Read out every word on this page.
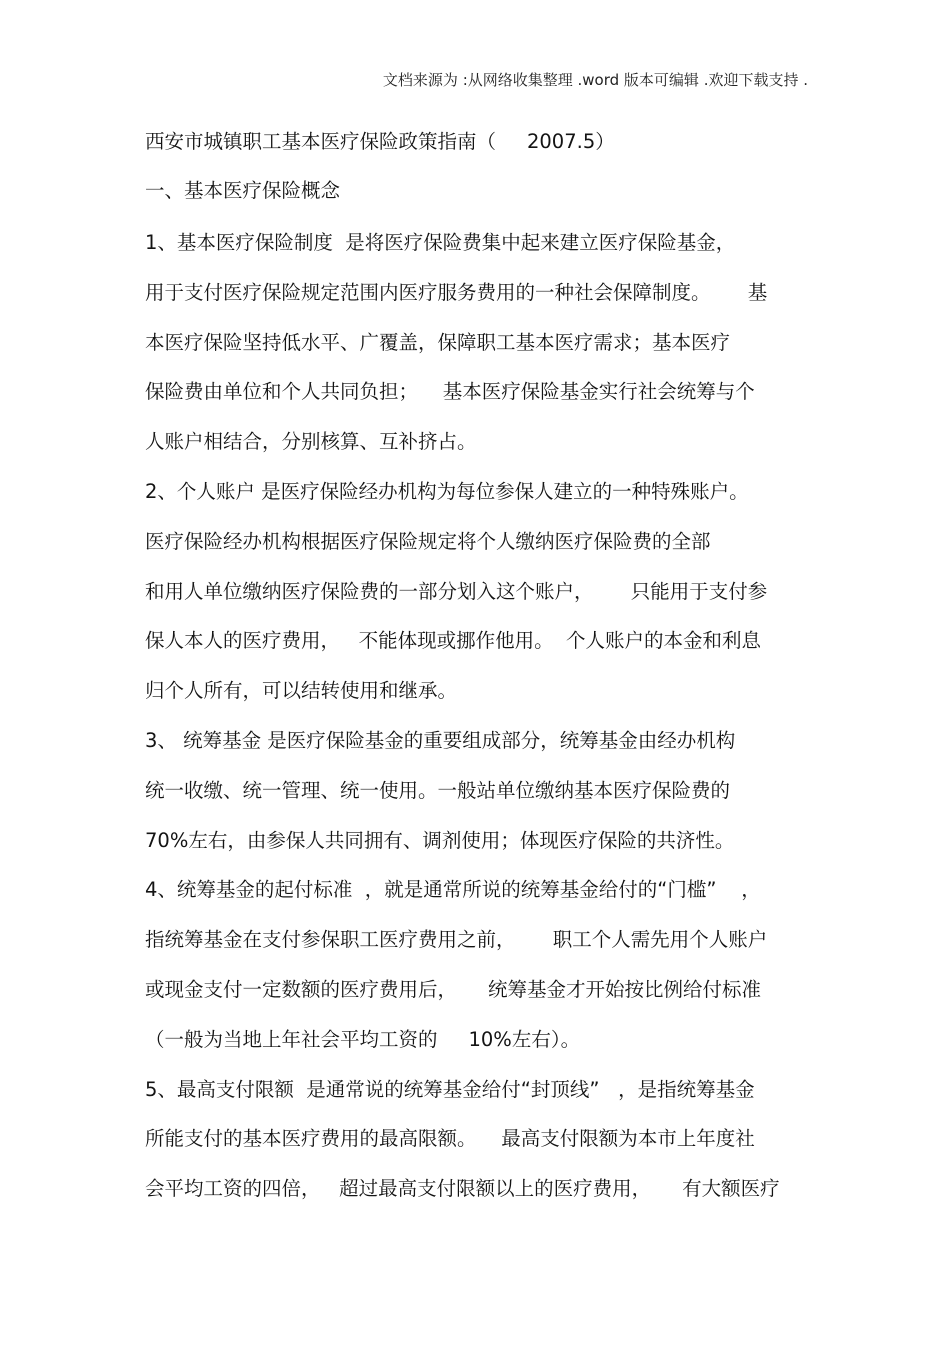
文档来源为 :从网络收集整理 .word 版本可编辑 .欢迎下载支持 .
西安市城镇职工基本医疗保险政策指南（     2007.5）
一、基本医疗保险概念
1、基本医疗保险制度  是将医疗保险费集中起来建立医疗保险基金，
用于支付医疗保险规定范围内医疗服务费用的一种社会保障制度。      基
本医疗保险坚持低水平、广覆盖，保障职工基本医疗需求；基本医疗
保险费由单位和个人共同负担；    基本医疗保险基金实行社会统筹与个
人账户相结合，分别核算、互补挤占。
2、个人账户 是医疗保险经办机构为每位参保人建立的一种特殊账户。
医疗保险经办机构根据医疗保险规定将个人缴纳医疗保险费的全部
和用人单位缴纳医疗保险费的一部分划入这个账户，      只能用于支付参
保人本人的医疗费用，   不能体现或挪作他用。  个人账户的本金和利息
归个人所有，可以结转使用和继承。
3、 统筹基金 是医疗保险基金的重要组成部分，统筹基金由经办机构
统一收缴、统一管理、统一使用。一般站单位缴纳基本医疗保险费的
70%左右，由参保人共同拥有、调剂使用；体现医疗保险的共济性。
4、统筹基金的起付标准  ，就是通常所说的统筹基金给付的“门槛”    ，
指统筹基金在支付参保职工医疗费用之前，      职工个人需先用个人账户
或现金支付一定数额的医疗费用后，     统筹基金才开始按比例给付标准
（一般为当地上年社会平均工资的     10%左右）。
5、最高支付限额  是通常说的统筹基金给付“封顶线”   ，是指统筹基金
所能支付的基本医疗费用的最高限额。    最高支付限额为本市上年度社
会平均工资的四倍，   超过最高支付限额以上的医疗费用，     有大额医疗
